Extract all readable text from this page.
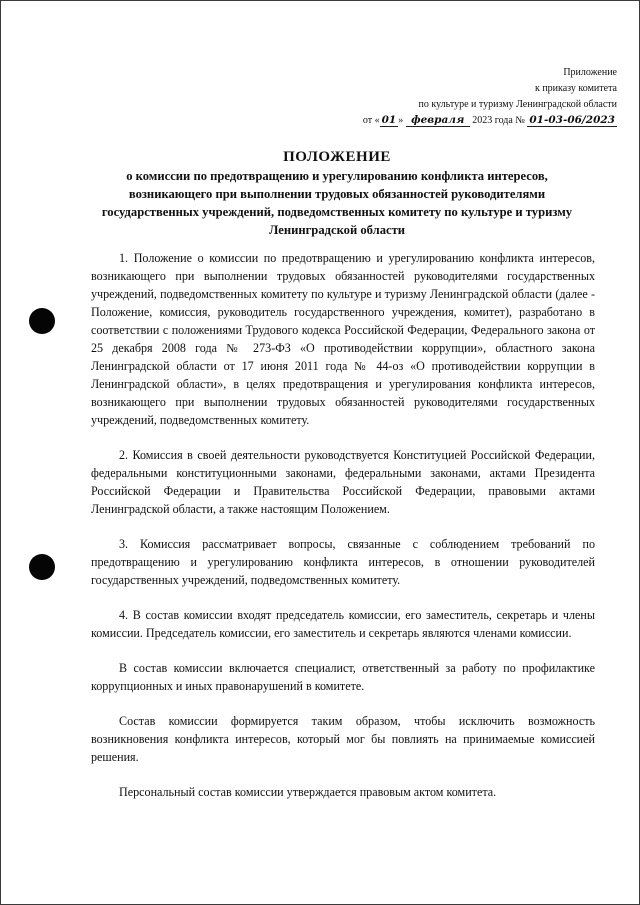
Приложение
к приказу комитета
по культуре и туризму Ленинградской области
от « 01 » февраля 2023 года № 01-03-06/2023
ПОЛОЖЕНИЕ
о комиссии по предотвращению и урегулированию конфликта интересов, возникающего при выполнении трудовых обязанностей руководителями государственных учреждений, подведомственных комитету по культуре и туризму Ленинградской области

1. Положение о комиссии по предотвращению и урегулированию конфликта интересов, возникающего при выполнении трудовых обязанностей руководителями государственных учреждений, подведомственных комитету по культуре и туризму Ленинградской области (далее - Положение, комиссия, руководитель государственного учреждения, комитет), разработано в соответствии с положениями Трудового кодекса Российской Федерации, Федерального закона от 25 декабря 2008 года № 273-ФЗ «О противодействии коррупции», областного закона Ленинградской области от 17 июня 2011 года № 44-оз «О противодействии коррупции в Ленинградской области», в целях предотвращения и урегулирования конфликта интересов, возникающего при выполнении трудовых обязанностей руководителями государственных учреждений, подведомственных комитету.

2. Комиссия в своей деятельности руководствуется Конституцией Российской Федерации, федеральными конституционными законами, федеральными законами, актами Президента Российской Федерации и Правительства Российской Федерации, правовыми актами Ленинградской области, а также настоящим Положением.

3. Комиссия рассматривает вопросы, связанные с соблюдением требований по предотвращению и урегулированию конфликта интересов, в отношении руководителей государственных учреждений, подведомственных комитету.

4. В состав комиссии входят председатель комиссии, его заместитель, секретарь и члены комиссии. Председатель комиссии, его заместитель и секретарь являются членами комиссии.

В состав комиссии включается специалист, ответственный за работу по профилактике коррупционных и иных правонарушений в комитете.

Состав комиссии формируется таким образом, чтобы исключить возможность возникновения конфликта интересов, который мог бы повлиять на принимаемые комиссией решения.

Персональный состав комиссии утверждается правовым актом комитета.
